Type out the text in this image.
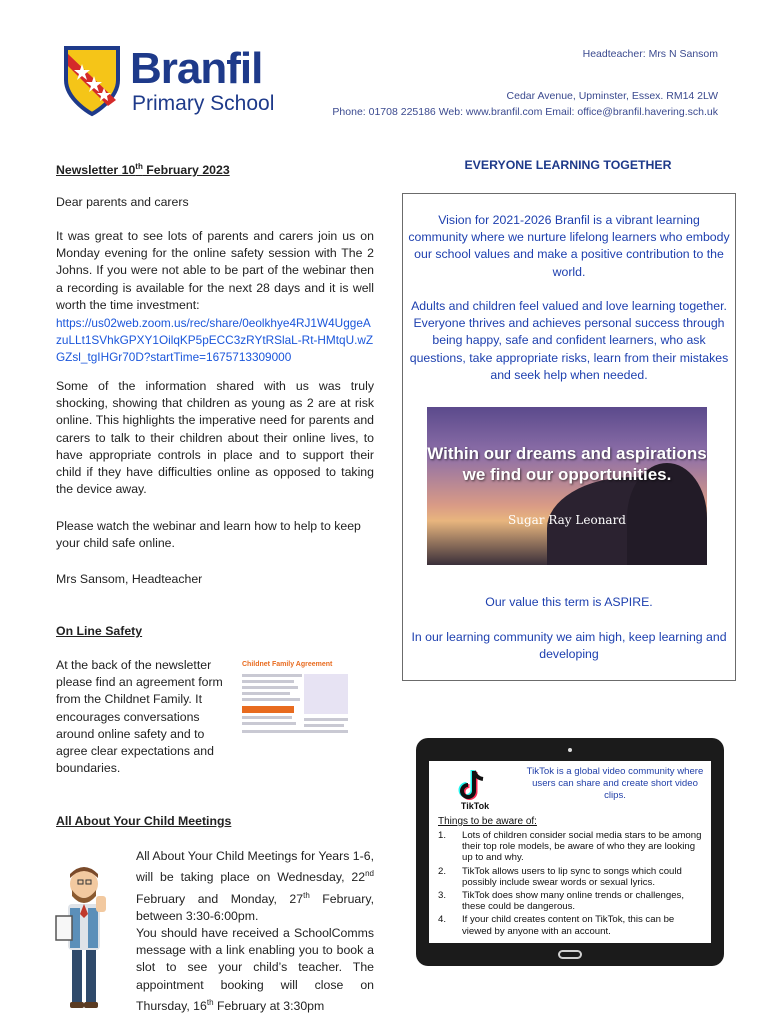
Branfil
Primary School
Headteacher: Mrs N Sansom
Cedar Avenue, Upminster, Essex. RM14 2LW
Phone: 01708 225186 Web: www.branfil.com Email: office@branfil.havering.sch.uk
Newsletter 10th February 2023
Dear parents and carers
It was great to see lots of parents and carers join us on Monday evening for the online safety session with The 2 Johns. If you were not able to be part of the webinar then a recording is available for the next 28 days and it is well worth the time investment:
https://us02web.zoom.us/rec/share/0eolkhye4RJ1W4UggeAzuLLt1SVhkGPXY1OilqKP5pECC3zRYtRSlaL-Rt-HMtqU.wZGZsl_tgIHGr70D?startTime=1675713309000
Some of the information shared with us was truly shocking, showing that children as young as 2 are at risk online. This highlights the imperative need for parents and carers to talk to their children about their online lives, to have appropriate controls in place and to support their child if they have difficulties online as opposed to taking the device away.
Please watch the webinar and learn how to help to keep your child safe online.
Mrs Sansom, Headteacher
On Line Safety
At the back of the newsletter please find an agreement form from the Childnet Family. It encourages conversations around online safety and to agree clear expectations and boundaries.
Childnet Family Agreement
All About Your Child Meetings
All About Your Child Meetings for Years 1-6, will be taking place on Wednesday, 22nd February and Monday, 27th February, between 3:30-6:00pm.
You should have received a SchoolComms message with a link enabling you to book a slot to see your child’s teacher. The appointment booking will close on Thursday, 16th February at 3:30pm
EVERYONE LEARNING TOGETHER
Vision for 2021-2026 Branfil is a vibrant learning community where we nurture lifelong learners who embody our school values and make a positive contribution to the world.
Adults and children feel valued and love learning together. Everyone thrives and achieves personal success through being happy, safe and confident learners, who ask questions, take appropriate risks, learn from their mistakes and seek help when needed.
Within our dreams and aspirations we find our opportunities.
Sugar Ray Leonard
Our value this term is ASPIRE.
In our learning community we aim high, keep learning and developing
TikTok
TikTok is a global video community where users can share and create short video clips.
Things to be aware of:
1.	Lots of children consider social media stars to be among their top role models, be aware of who they are looking up to and why.
2.	TikTok allows users to lip sync to songs which could possibly include swear words or sexual lyrics.
3.	TikTok does show many online trends or challenges, these could be dangerous.
4.	If your child creates content on TikTok, this can be viewed by anyone with an account.
